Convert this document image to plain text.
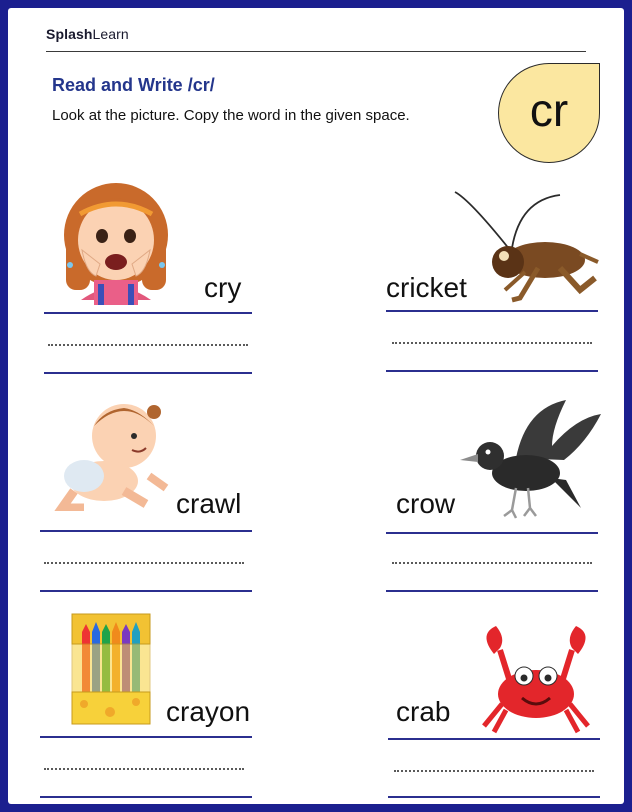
SplashLearn
Read and Write /cr/
Look at the picture. Copy the word in the given space.	cr
cry	cricket
crawl	crow
crayon	crab
